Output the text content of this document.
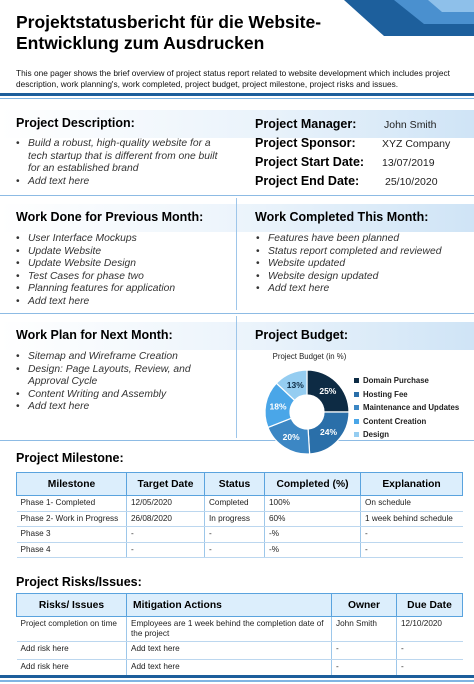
Projektstatusbericht für die Website-
Entwicklung zum Ausdrucken
This one pager shows the brief overview of project status report related to website development which includes project description, work planning's, work completed, project budget, project milestone, project risks and issues.
Project Description:
• Build a robust, high-quality website for a tech startup that is different from one built for an established brand
• Add text here
Project Manager:	John Smith
Project Sponsor:	XYZ Company
Project Start Date: 13/07/2019
Project End Date: 25/10/2020
Work Done for Previous Month:
• User Interface Mockups
• Update Website
• Update Website Design
• Test Cases for phase two
• Planning features for application
• Add text here
Work Completed This Month:
• Features have been planned
• Status report completed and reviewed
• Website updated
• Website design updated
• Add text here
Work Plan for Next Month:
• Sitemap and Wireframe Creation
• Design: Page Layouts, Review, and Approval Cycle
• Content Writing and Assembly
• Add text here
Project Budget:
Project Budget (in %)
25%
24%
20%
18%
13%	Domain Purchase
Hosting Fee
Maintenance and Updates
Content Creation
Design
Project Milestone:
Milestone	Target Date	Status	Completed (%)	Explanation
Phase 1- Completed	12/05/2020	Completed	100%	On schedule
Phase 2- Work in Progress	26/08/2020	In progress	60%	1 week behind schedule
Phase 3	-	-	-%	-
Phase 4	-	-	-%	-
Project Risks/Issues:
Risks/ Issues	Mitigation Actions	Owner	Due Date
Project completion on time	Employees are 1 week behind the completion date of the project	John Smith	12/10/2020
Add risk here	Add text here	-	-
Add risk here	Add text here	-	-
